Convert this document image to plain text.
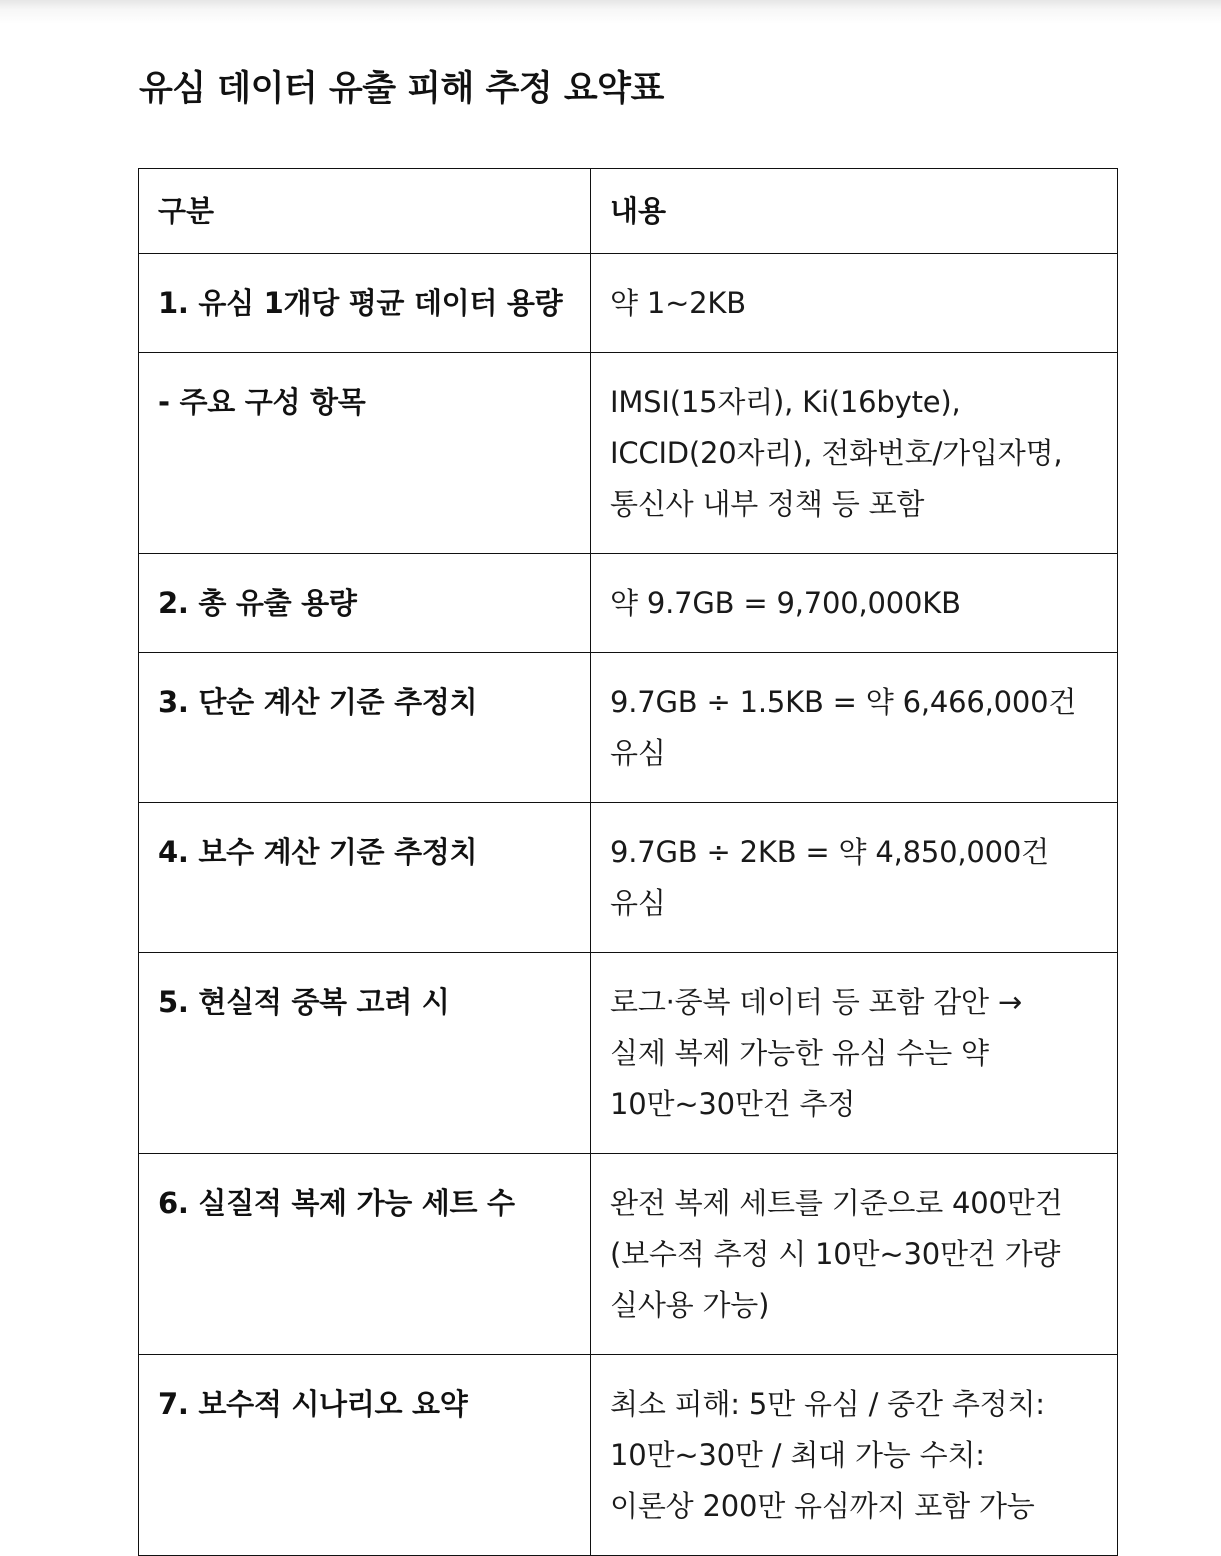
유심 데이터 유출 피해 추정 요약표
구분	내용
1. 유심 1개당 평균 데이터 용량	약 1~2KB

- 주요 구성 항목	IMSI(15자리), Ki(16byte),
ICCID(20자리), 전화번호/가입자명,
통신사 내부 정책 등 포함

2. 총 유출 용량	약 9.7GB = 9,700,000KB

3. 단순 계산 기준 추정치	9.7GB ÷ 1.5KB = 약 6,466,000건
유심

4. 보수 계산 기준 추정치	9.7GB ÷ 2KB = 약 4,850,000건
유심

5. 현실적 중복 고려 시	로그·중복 데이터 등 포함 감안 →
실제 복제 가능한 유심 수는 약
10만~30만건 추정

6. 실질적 복제 가능 세트 수	완전 복제 세트를 기준으로 400만건
(보수적 추정 시 10만~30만건 가량
실사용 가능)

7. 보수적 시나리오 요약	최소 피해: 5만 유심 / 중간 추정치:
10만~30만 / 최대 가능 수치:
이론상 200만 유심까지 포함 가능
